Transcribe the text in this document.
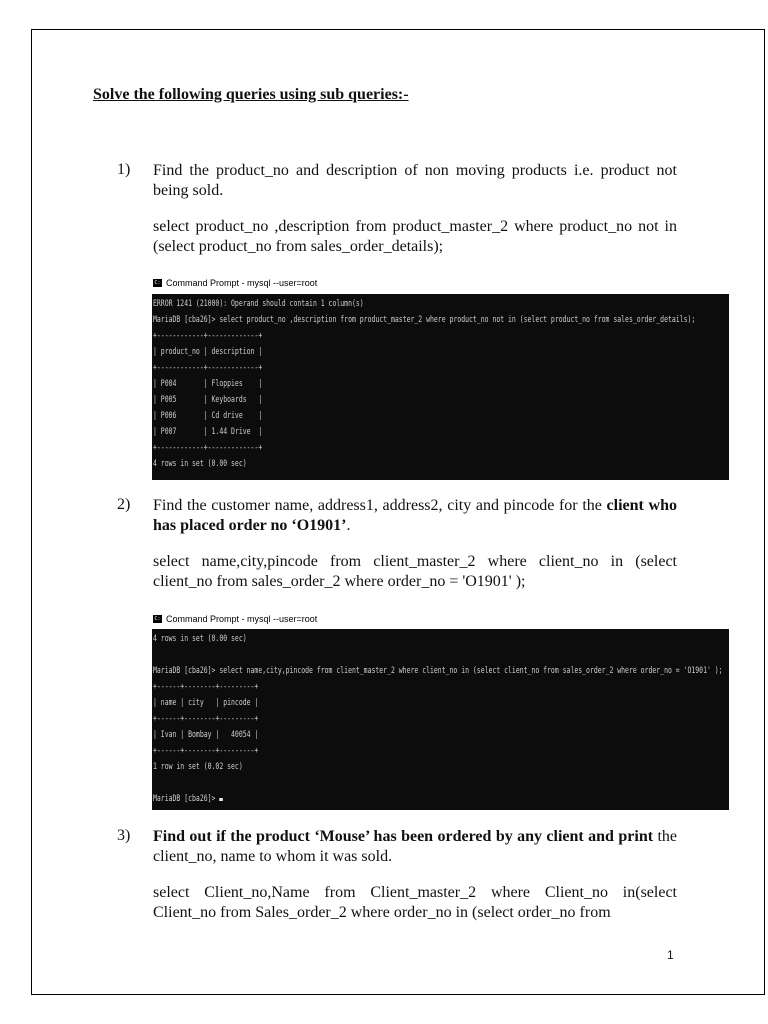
Solve the following queries using sub queries:-
1) Find the product_no and description of non moving products i.e. product not being sold.
select product_no ,description from product_master_2 where product_no not in (select product_no from sales_order_details);
C: Command Prompt - mysql --user=root
ERROR 1241 (21000): Operand should contain 1 column(s)
MariaDB [cba26]> select product_no ,description from product_master_2 where product_no not in (select product_no from sales_order_details);
+------------+-------------+
| product_no | description |
+------------+-------------+
| P004       | Floppies    |
| P005       | Keyboards   |
| P006       | Cd drive    |
| P007       | 1.44 Drive  |
+------------+-------------+
4 rows in set (0.00 sec)
2) Find the customer name, address1, address2, city and pincode for the client who has placed order no ‘O1901’.
select name,city,pincode from client_master_2 where client_no in (select client_no from sales_order_2 where order_no = 'O1901' );
C: Command Prompt - mysql --user=root
4 rows in set (0.00 sec)
MariaDB [cba26]> select name,city,pincode from client_master_2 where client_no in (select client_no from sales_order_2 where order_no = 'O1901' );
+------+--------+---------+
| name | city   | pincode |
+------+--------+---------+
| Ivan | Bombay |   40054 |
+------+--------+---------+
1 row in set (0.02 sec)
MariaDB [cba26]>
3) Find out if the product ‘Mouse’ has been ordered by any client and print the client_no, name to whom it was sold.
select Client_no,Name from Client_master_2 where Client_no in(select Client_no from Sales_order_2 where order_no in (select order_no from
1
